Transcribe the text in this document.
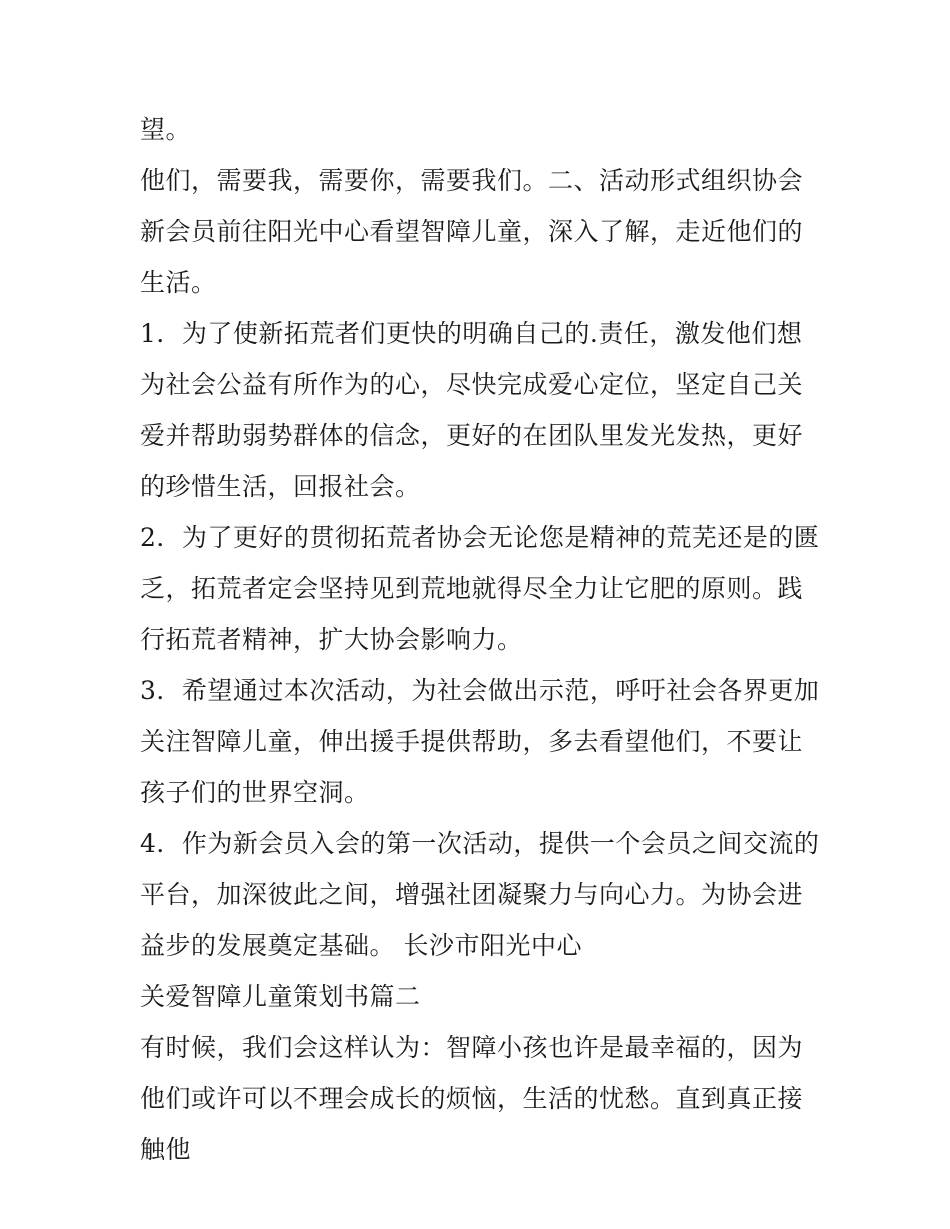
望。

他们，需要我，需要你，需要我们。二、活动形式组织协会新会员前往阳光中心看望智障儿童，深入了解，走近他们的生活。

1．为了使新拓荒者们更快的明确自己的.责任，激发他们想为社会公益有所作为的心，尽快完成爱心定位，坚定自己关爱并帮助弱势群体的信念，更好的在团队里发光发热，更好的珍惜生活，回报社会。

2．为了更好的贯彻拓荒者协会无论您是精神的荒芜还是的匮乏，拓荒者定会坚持见到荒地就得尽全力让它肥的原则。践行拓荒者精神，扩大协会影响力。

3．希望通过本次活动，为社会做出示范，呼吁社会各界更加关注智障儿童，伸出援手提供帮助，多去看望他们，不要让孩子们的世界空洞。

4．作为新会员入会的第一次活动，提供一个会员之间交流的平台，加深彼此之间，增强社团凝聚力与向心力。为协会进益步的发展奠定基础。 长沙市阳光中心

关爱智障儿童策划书篇二

有时候，我们会这样认为：智障小孩也许是最幸福的，因为他们或许可以不理会成长的烦恼，生活的忧愁。直到真正接触他
